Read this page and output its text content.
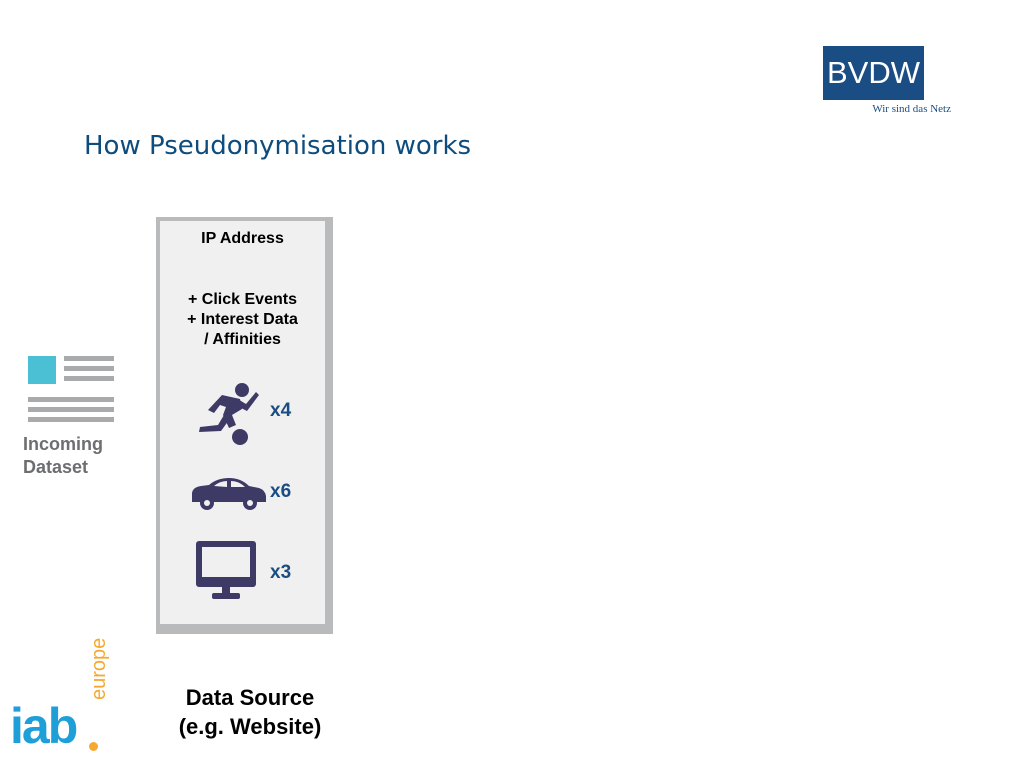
How Pseudonymisation works
BVDW
Wir sind das Netz
Incoming
Dataset
IP Address
+ Click Events
+ Interest Data
/ Affinities
x4
x6
x3
Data Source
(e.g. Website)
iab
europe
